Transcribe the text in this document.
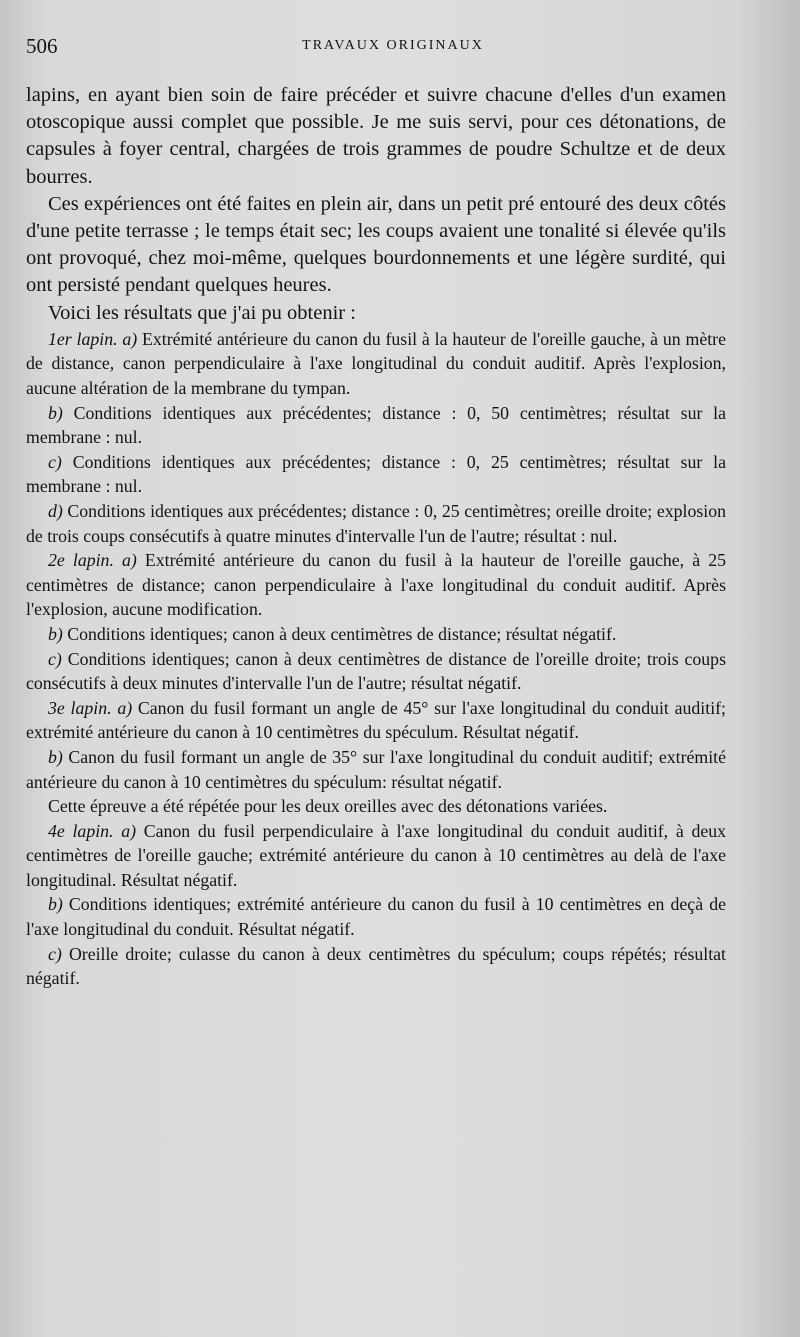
506	TRAVAUX ORIGINAUX

lapins, en ayant bien soin de faire précéder et suivre chacune d'elles d'un examen otoscopique aussi complet que possible. Je me suis servi, pour ces détonations, de capsules à foyer central, chargées de trois grammes de poudre Schultze et de deux bourres.

Ces expériences ont été faites en plein air, dans un petit pré entouré des deux côtés d'une petite terrasse ; le temps était sec; les coups avaient une tonalité si élevée qu'ils ont provoqué, chez moi-même, quelques bourdonnements et une légère surdité, qui ont persisté pendant quelques heures.

Voici les résultats que j'ai pu obtenir :

1er lapin. a) Extrémité antérieure du canon du fusil à la hauteur de l'oreille gauche, à un mètre de distance, canon perpendiculaire à l'axe longitudinal du conduit auditif. Après l'explosion, aucune altération de la membrane du tympan.

b) Conditions identiques aux précédentes; distance : 0, 50 centimètres; résultat sur la membrane : nul.

c) Conditions identiques aux précédentes; distance : 0, 25 centimètres; résultat sur la membrane : nul.

d) Conditions identiques aux précédentes; distance : 0, 25 centimètres; oreille droite; explosion de trois coups consécutifs à quatre minutes d'intervalle l'un de l'autre; résultat : nul.

2e lapin. a) Extrémité antérieure du canon du fusil à la hauteur de l'oreille gauche, à 25 centimètres de distance; canon perpendiculaire à l'axe longitudinal du conduit auditif. Après l'explosion, aucune modification.

b) Conditions identiques; canon à deux centimètres de distance; résultat négatif.

c) Conditions identiques; canon à deux centimètres de distance de l'oreille droite; trois coups consécutifs à deux minutes d'intervalle l'un de l'autre; résultat négatif.

3e lapin. a) Canon du fusil formant un angle de 45° sur l'axe longitudinal du conduit auditif; extrémité antérieure du canon à 10 centimètres du spéculum. Résultat négatif.

b) Canon du fusil formant un angle de 35° sur l'axe longitudinal du conduit auditif; extrémité antérieure du canon à 10 centimètres du spéculum: résultat négatif.

Cette épreuve a été répétée pour les deux oreilles avec des détonations variées.

4e lapin. a) Canon du fusil perpendiculaire à l'axe longitudinal du conduit auditif, à deux centimètres de l'oreille gauche; extrémité antérieure du canon à 10 centimètres au delà de l'axe longitudinal. Résultat négatif.

b) Conditions identiques; extrémité antérieure du canon du fusil à 10 centimètres en deçà de l'axe longitudinal du conduit. Résultat négatif.

c) Oreille droite; culasse du canon à deux centimètres du spéculum; coups répétés; résultat négatif.
